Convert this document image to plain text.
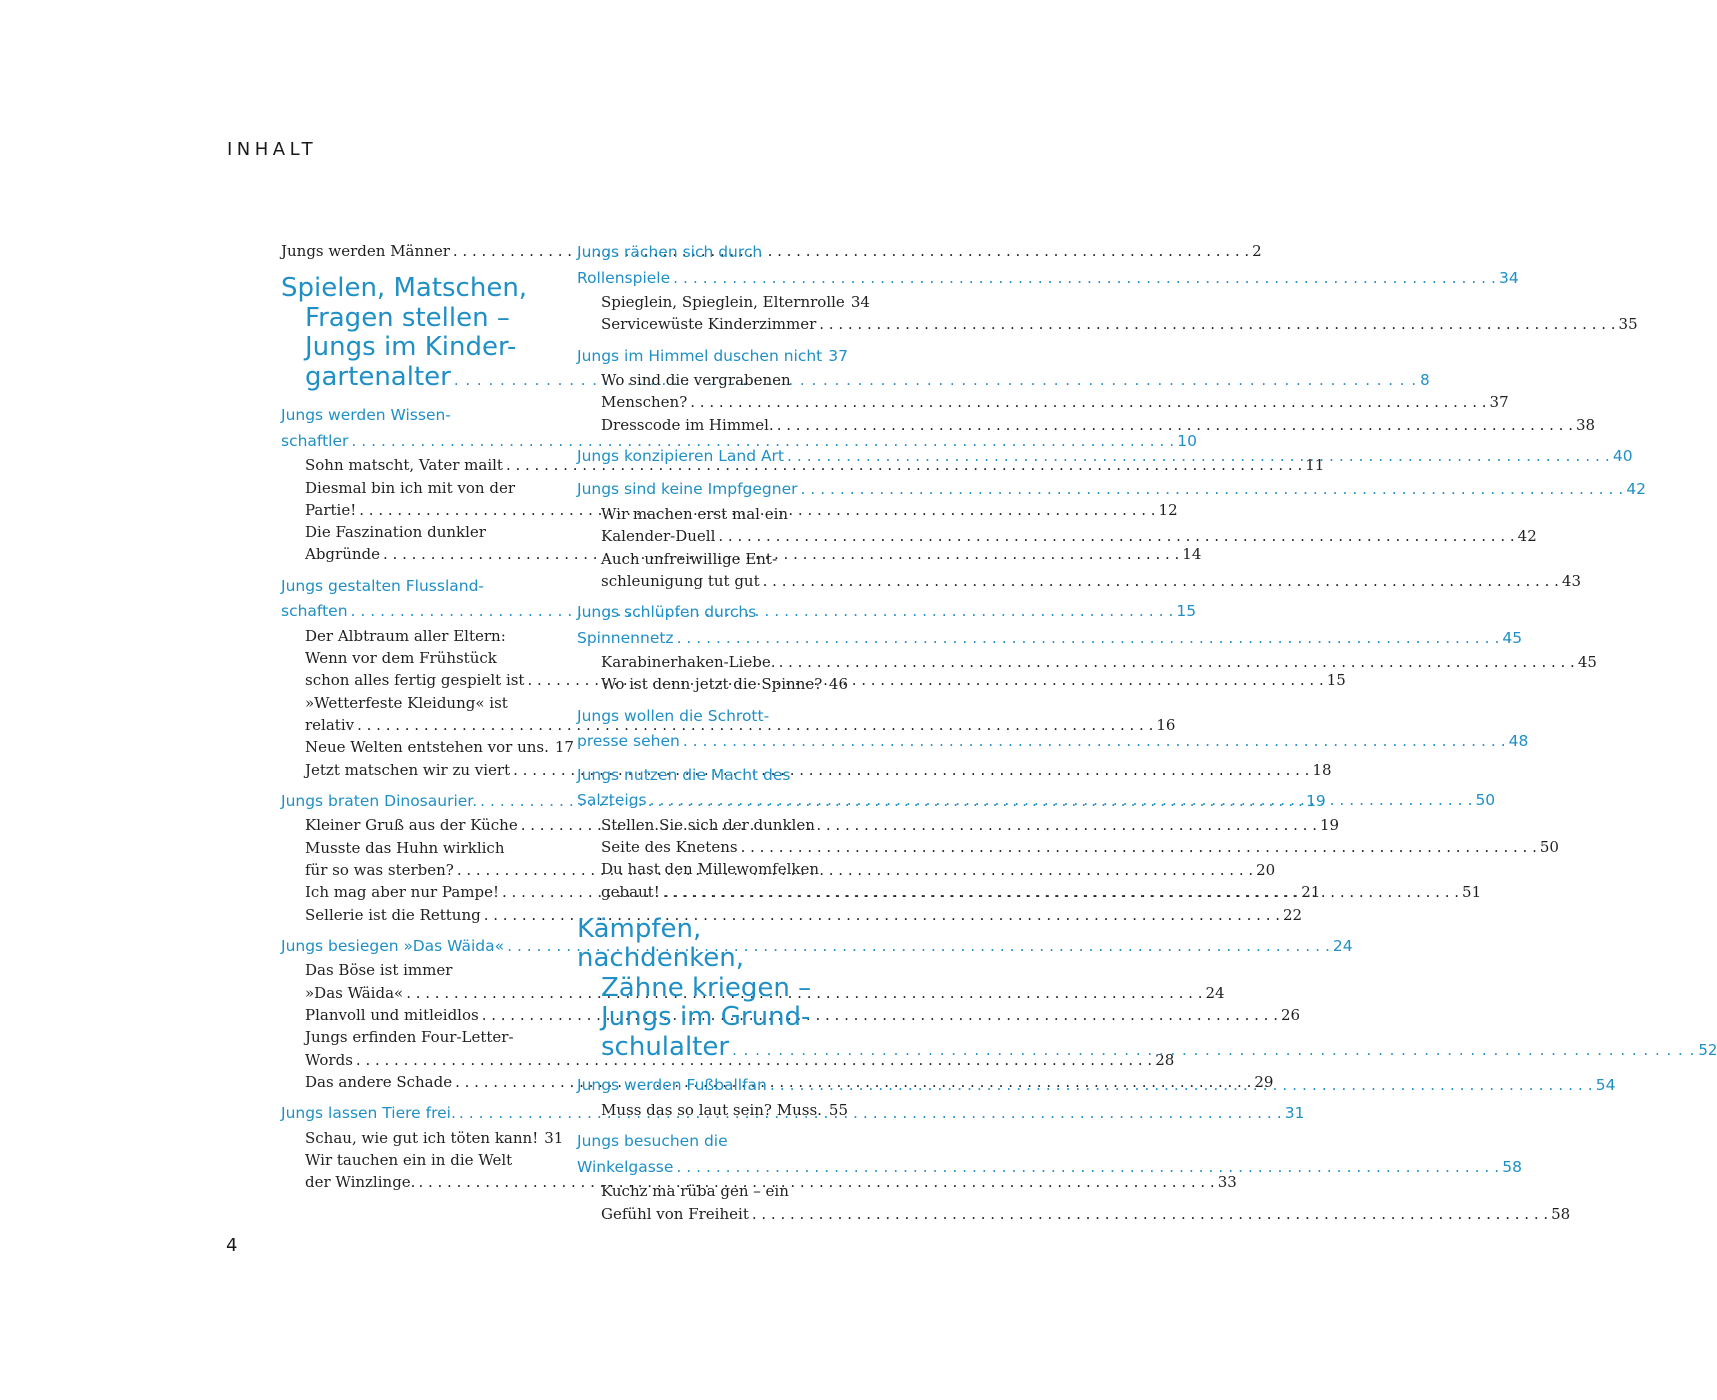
INHALT
Jungs werden Männer . . .	2
Spielen, Matschen,
Fragen stellen –
Jungs im Kinder-
gartenalter . . .	8
Jungs werden Wissen-
schaftler . . .	10
Sohn matscht, Vater mailt . . .	11
Diesmal bin ich mit von der
Partie! . . .	12
Die Faszination dunkler
Abgründe . . .	14
Jungs gestalten Flussland-
schaften . . .	15
Der Albtraum aller Eltern:
Wenn vor dem Frühstück
schon alles fertig gespielt ist . . .	15
»Wetterfeste Kleidung« ist
relativ . . .	16
Neue Welten entstehen vor uns. 17
Jetzt matschen wir zu viert . . .	18
Jungs braten Dinosaurier. . . .	19
Kleiner Gruß aus der Küche . . .	19
Musste das Huhn wirklich
für so was sterben? . . .	20
Ich mag aber nur Pampe! . . .	21
Sellerie ist die Rettung . . .	22
Jungs besiegen »Das Wäida« . . .	24
Das Böse ist immer
»Das Wäida« . . .	24
Planvoll und mitleidlos . . .	26
Jungs erfinden Four-Letter-
Words . . .	28
Das andere Schade . . .	29
Jungs lassen Tiere frei. . . .	31
Schau, wie gut ich töten kann! 31
Wir tauchen ein in die Welt
der Winzlinge. . . .	33
Jungs rächen sich durch
Rollenspiele . . .	34
Spieglein, Spieglein, Elternrolle 34
Servicewüste Kinderzimmer . . .	35
Jungs im Himmel duschen nicht . . . 37
Wo sind die vergrabenen
Menschen? . . .	37
Dresscode im Himmel. . . .	38
Jungs konzipieren Land Art . . .	40
Jungs sind keine Impfgegner . . .	42
Wir machen erst mal ein
Kalender-Duell . . .	42
Auch unfreiwillige Ent-
schleunigung tut gut . . .	43
Jungs schlüpfen durchs
Spinnennetz . . .	45
Karabinerhaken-Liebe. . . .	45
Wo ist denn jetzt die Spinne? . . . 46
Jungs wollen die Schrott-
presse sehen . . .	48
Jungs nutzen die Macht des
Salzteigs . . .	50
Stellen Sie sich der dunklen
Seite des Knetens . . .	50
Du hast den Millewomfelken
gebaut! . . .	51
Kämpfen, nachdenken,
Zähne kriegen –
Jungs im Grund-
schulalter . . .	52
Jungs werden Fußballfan . . .	54
Muss das so laut sein? Muss. . . . 55
Jungs besuchen die
Winkelgasse . . .	58
Kuchz ma rüba gen – ein
Gefühl von Freiheit . . .	58
4
